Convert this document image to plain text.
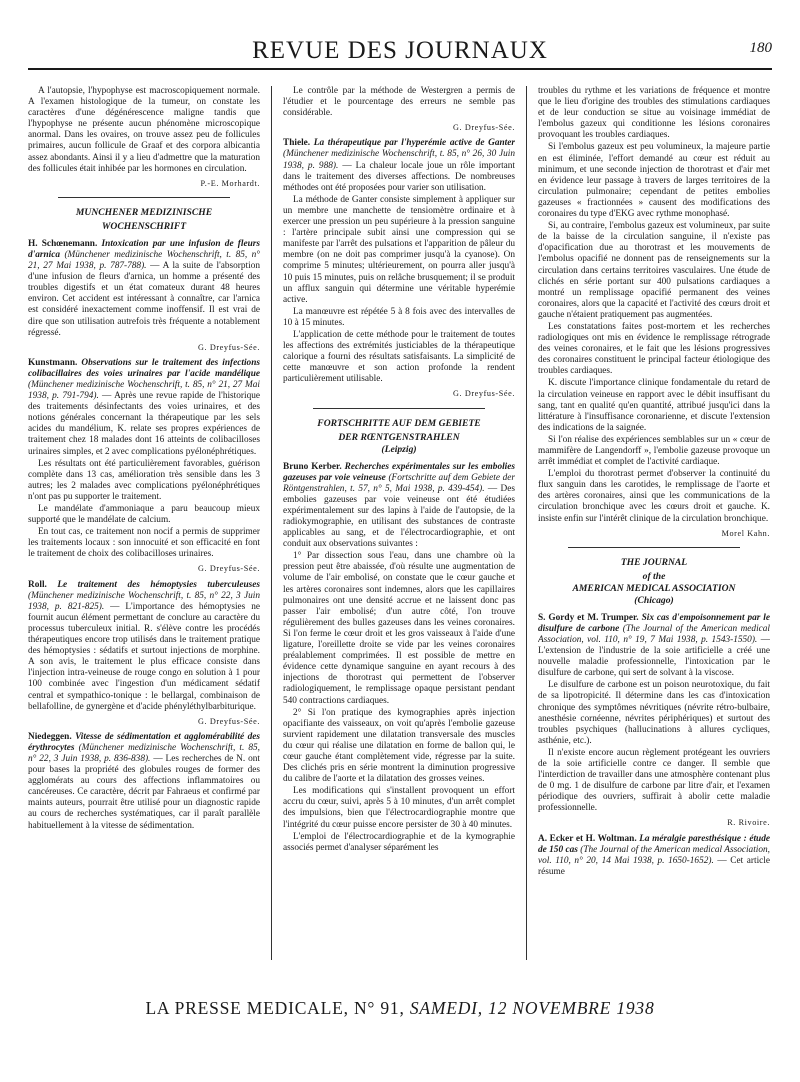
REVUE DES JOURNAUX	180

A l'autopsie, l'hypophyse est macroscopiquement normale. A l'examen histologique de la tumeur, on constate les caractères d'une dégénérescence maligne tandis que l'hypophyse ne présente aucun phénomène microscopique anormal. Dans les ovaires, on trouve assez peu de follicules primaires, aucun follicule de Graaf et des corpora albicantia assez abondants. Ainsi il y a lieu d'admettre que la maturation des follicules était inhibée par les hormones en circulation.

P.-E. Morhardt.
MUNCHENER MEDIZINISCHE
WOCHENSCHRIFT

H. Schœnemann. Intoxication par une infusion de fleurs d'arnica (Münchener medizinische Wochenschrift, t. 85, n° 21, 27 Mai 1938, p. 787-788). — A la suite de l'absorption d'une infusion de fleurs d'arnica, un homme a présenté des troubles digestifs et un état comateux durant 48 heures environ. Cet accident est intéressant à connaître, car l'arnica est considéré inexactement comme inoffensif. Il est vrai de dire que son utilisation autrefois très fréquente a notablement régressé.

G. Dreyfus-Sée.

Kunstmann. Observations sur le traitement des infections colibacillaires des voies urinaires par l'acide mandélique (Münchener medizinische Wochenschrift, t. 85, n° 21, 27 Mai 1938, p. 791-794). — Après une revue rapide de l'historique des traitements désinfectants des voies urinaires, et des notions générales concernant la thérapeutique par les sels acides du mandélium, K. relate ses propres expériences de traitement chez 18 malades dont 16 atteints de colibacilloses urinaires simples, et 2 avec complications pyélonéphrétiques.

Les résultats ont été particulièrement favorables, guérison complète dans 13 cas, amélioration très sensible dans les 3 autres; les 2 malades avec complications pyélonéphrétiques n'ont pas pu supporter le traitement.

Le mandélate d'ammoniaque a paru beaucoup mieux supporté que le mandélate de calcium.

En tout cas, ce traitement non nocif a permis de supprimer les traitements locaux : son innocuité et son efficacité en font le traitement de choix des colibacilloses urinaires.

G. Dreyfus-Sée.

Roll. Le traitement des hémoptysies tuberculeuses (Münchener medizinische Wochenschrift, t. 85, n° 22, 3 Juin 1938, p. 821-825). — L'importance des hémoptysies ne fournit aucun élément permettant de conclure au caractère du processus tuberculeux initial. R. s'élève contre les procédés thérapeutiques encore trop utilisés dans le traitement pratique des hémoptysies : sédatifs et surtout injections de morphine. A son avis, le traitement le plus efficace consiste dans l'injection intra-veineuse de rouge congo en solution à 1 pour 100 combinée avec l'ingestion d'un médicament sédatif central et sympathico-tonique : le bellargal, combinaison de bellafolline, de gynergène et d'acide phényléthylbarbiturique.

G. Dreyfus-Sée.

Niedeggen. Vitesse de sédimentation et agglomérabilité des érythrocytes (Münchener medizinische Wochenschrift, t. 85, n° 22, 3 Juin 1938, p. 836-838). — Les recherches de N. ont pour bases la propriété des globules rouges de former des agglomérats au cours des affections inflammatoires ou cancéreuses. Ce caractère, décrit par Fahraeus et confirmé par maints auteurs, pourrait être utilisé pour un diagnostic rapide au cours de recherches systématiques, car il paraît parallèle habituellement à la vitesse de sédimentation.

Le contrôle par la méthode de Westergren a permis de l'étudier et le pourcentage des erreurs ne semble pas considérable.

G. Dreyfus-Sée.

Thiele. La thérapeutique par l'hyperémie active de Ganter (Münchener medizinische Wochenschrift, t. 85, n° 26, 30 Juin 1938, p. 988). — La chaleur locale joue un rôle important dans le traitement des diverses affections. De nombreuses méthodes ont été proposées pour varier son utilisation.

La méthode de Ganter consiste simplement à appliquer sur un membre une manchette de tensiomètre ordinaire et à exercer une pression un peu supérieure à la pression sanguine : l'artère principale subit ainsi une compression qui se manifeste par l'arrêt des pulsations et l'apparition de pâleur du membre (on ne doit pas comprimer jusqu'à la cyanose). On comprime 5 minutes; ultérieurement, on pourra aller jusqu'à 10 puis 15 minutes, puis on relâche brusquement; il se produit un afflux sanguin qui détermine une véritable hyperémie active.

La manœuvre est répétée 5 à 8 fois avec des intervalles de 10 à 15 minutes.

L'application de cette méthode pour le traitement de toutes les affections des extrémités justiciables de la thérapeutique calorique a fourni des résultats satisfaisants. La simplicité de cette manœuvre et son action profonde la rendent particulièrement utilisable.

G. Dreyfus-Sée.
FORTSCHRITTE AUF DEM GEBIETE
DER RŒNTGENSTRAHLEN
(Leipzig)

Bruno Kerber. Recherches expérimentales sur les embolies gazeuses par voie veineuse (Fortschritte auf dem Gebiete der Röntgenstrahlen, t. 57, n° 5, Mai 1938, p. 439-454). — Des embolies gazeuses par voie veineuse ont été étudiées expérimentalement sur des lapins à l'aide de l'autopsie, de la radiokymographie, en utilisant des substances de contraste applicables au sang, et de l'électrocardiographie, et ont conduit aux observations suivantes :

1° Par dissection sous l'eau, dans une chambre où la pression peut être abaissée, d'où résulte une augmentation de volume de l'air embolisé, on constate que le cœur gauche et les artères coronaires sont indemnes, alors que les capillaires pulmonaires ont une densité accrue et ne laissent donc pas passer l'air embolisé; d'un autre côté, l'on trouve régulièrement des bulles gazeuses dans les veines coronaires. Si l'on ferme le cœur droit et les gros vaisseaux à l'aide d'une ligature, l'oreillette droite se vide par les veines coronaires préalablement comprimées. Il est possible de mettre en évidence cette dynamique sanguine en ayant recours à des injections de thorotrast qui permettent de l'observer radiologiquement, le remplissage opaque persistant pendant 540 contractions cardiaques.

2° Si l'on pratique des kymographies après injection opacifiante des vaisseaux, on voit qu'après l'embolie gazeuse survient rapidement une dilatation transversale des muscles du cœur qui réalise une dilatation en forme de ballon qui, le cœur gauche étant complètement vide, régresse par la suite. Des clichés pris en série montrent la diminution progressive du calibre de l'aorte et la dilatation des grosses veines.

Les modifications qui s'installent provoquent un effort accru du cœur, suivi, après 5 à 10 minutes, d'un arrêt complet des impulsions, bien que l'électrocardiographie montre que l'intégrité du cœur puisse encore persister de 30 à 40 minutes.

L'emploi de l'électrocardiographie et de la kymographie associés permet d'analyser séparément les

troubles du rythme et les variations de fréquence et montre que le lieu d'origine des troubles des stimulations cardiaques et de leur conduction se situe au voisinage immédiat de l'embolus gazeux qui conditionne les lésions coronaires provoquant les troubles cardiaques.

Si l'embolus gazeux est peu volumineux, la majeure partie en est éliminée, l'effort demandé au cœur est réduit au minimum, et une seconde injection de thorotrast et d'air met en évidence leur passage à travers de larges territoires de la circulation pulmonaire; cependant de petites embolies gazeuses « fractionnées » causent des modifications des coronaires du type d'EKG avec rythme monophasé.

Si, au contraire, l'embolus gazeux est volumineux, par suite de la baisse de la circulation sanguine, il n'existe pas d'opacification due au thorotrast et les mouvements de l'embolus opacifié ne donnent pas de renseignements sur la circulation dans certains territoires vasculaires. Une étude de clichés en série portant sur 400 pulsations cardiaques a montré un remplissage opacifié permanent des veines coronaires, alors que la capacité et l'activité des cœurs droit et gauche n'étaient pratiquement pas augmentées.

Les constatations faites post-mortem et les recherches radiologiques ont mis en évidence le remplissage rétrograde des veines coronaires, et le fait que les lésions progressives des coronaires constituent le principal facteur étiologique des troubles cardiaques.

K. discute l'importance clinique fondamentale du retard de la circulation veineuse en rapport avec le débit insuffisant du sang, tant en qualité qu'en quantité, attribué jusqu'ici dans la littérature à l'insuffisance coronarienne, et discute l'extension des indications de la saignée.

Si l'on réalise des expériences semblables sur un « cœur de mammifère de Langendorff », l'embolie gazeuse provoque un arrêt immédiat et complet de l'activité cardiaque.

L'emploi du thorotrast permet d'observer la continuité du flux sanguin dans les carotides, le remplissage de l'aorte et des artères coronaires, ainsi que les communications de la circulation bronchique avec les cœurs droit et gauche. K. insiste enfin sur l'intérêt clinique de la circulation bronchique.

Morel Kahn.
THE JOURNAL
of the
AMERICAN MEDICAL ASSOCIATION
(Chicago)

S. Gordy et M. Trumper. Six cas d'empoisonnement par le disulfure de carbone (The Journal of the American medical Association, vol. 110, n° 19, 7 Mai 1938, p. 1543-1550). — L'extension de l'industrie de la soie artificielle a créé une nouvelle maladie professionnelle, l'intoxication par le disulfure de carbone, qui sert de solvant à la viscose.

Le disulfure de carbone est un poison neurotoxique, du fait de sa lipotropicité. Il détermine dans les cas d'intoxication chronique des symptômes névritiques (névrite rétro-bulbaire, anesthésie cornéenne, névrites périphériques) et surtout des troubles psychiques (hallucinations à allures cycliques, asthénie, etc.).

Il n'existe encore aucun règlement protégeant les ouvriers de la soie artificielle contre ce danger. Il semble que l'interdiction de travailler dans une atmosphère contenant plus de 0 mg. 1 de disulfure de carbone par litre d'air, et l'examen périodique des ouvriers, suffirait à abolir cette maladie professionnelle.

R. Rivoire.

A. Ecker et H. Woltman. La méralgie paresthésique : étude de 150 cas (The Journal of the American medical Association, vol. 110, n° 20, 14 Mai 1938, p. 1650-1652). — Cet article résume

LA PRESSE MEDICALE, N° 91, SAMEDI, 12 NOVEMBRE 1938
